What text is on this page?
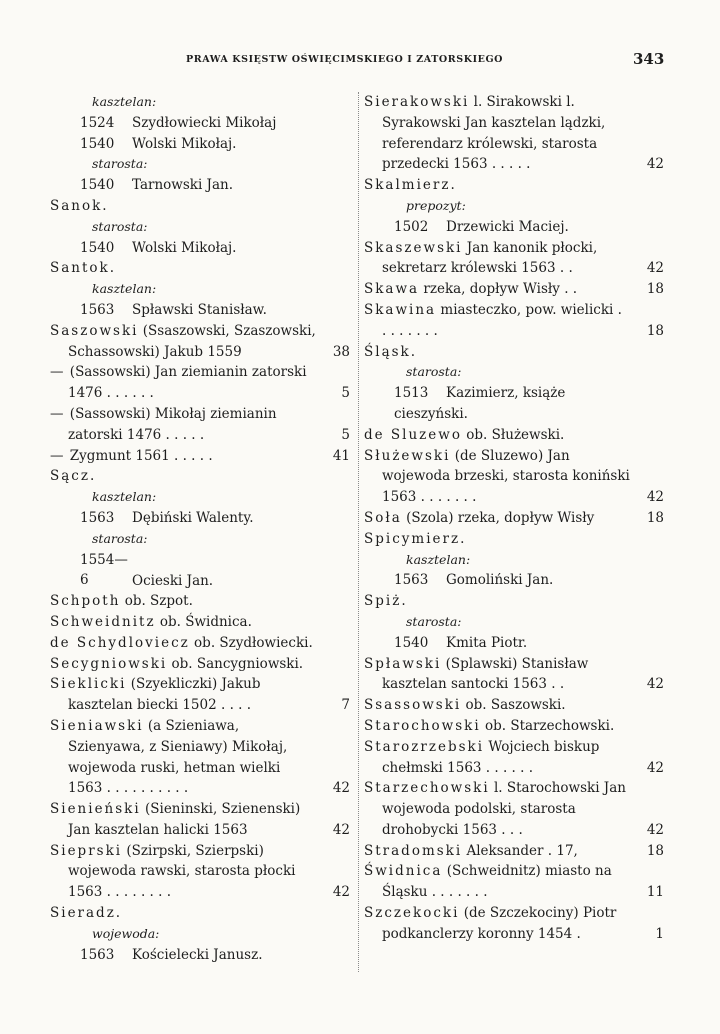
PRAWA KSIĘSTW OŚWIĘCIMSKIEGO I ZATORSKIEGO	343
kasztelan:
1524 Szydłowiecki Mikołaj
1540 Wolski Mikołaj.
starosta:
1540 Tarnowski Jan.
Sanok.
starosta:
1540 Wolski Mikołaj.
Santok.
kasztelan:
1563 Spławski Stanisław.
Saszowski (Ssaszowski, Szaszowski, Schassowski) Jakub 1559	38
— (Sassowski) Jan ziemianin zatorski 1476 . . . . . .	5
— (Sassowski) Mikołaj ziemianin zatorski 1476 . . . . .	5
— Zygmunt 1561 . . . . .	41
Sącz.
kasztelan:
1563 Dębiński Walenty.
starosta:
1554—6	Ocieski Jan.
Schpoth ob. Szpot.
Schweidnitz ob. Świdnica.
de Schydloviecz ob. Szydłowiecki.
Secygniowski ob. Sancygniowski.
Sieklicki (Szyekliczki) Jakub kasztelan biecki 1502 . . . .	7
Sieniawski (a Szieniawa, Szienyawa, z Sieniawy) Mikołaj, wojewoda ruski, hetman wielki 1563 . . . . . . . . . .	42
Sienieński (Sieninski, Szienenski) Jan kasztelan halicki 1563	42
Sieprski (Szirpski, Szierpski) wojewoda rawski, starosta płocki 1563 . . . . . . . .	42
Sieradz.
wojewoda:
1563 Kościelecki Janusz.
Sierakowski l. Sirakowski l. Syrakowski Jan kasztelan lądzki, referendarz królewski, starosta przedecki 1563 . . . . .	42
Skalmierz.
prepozyt:
1502 Drzewicki Maciej.
Skaszewski Jan kanonik płocki, sekretarz królewski 1563 . .	42
Skawa rzeka, dopływ Wisły . .	18
Skawina miasteczko, pow. wielicki . . . . . . . .	18
Śląsk.
starosta:
1513 Kazimierz, książe cieszyński.
de Sluzewo ob. Służewski.
Służewski (de Sluzewo) Jan wojewoda brzeski, starosta koniński 1563 . . . . . . .	42
Soła (Szola) rzeka, dopływ Wisły	18
Spicymierz.
kasztelan:
1563 Gomoliński Jan.
Spiż.
starosta:
1540 Kmita Piotr.
Spławski (Splawski) Stanisław kasztelan santocki 1563 . .	42
Ssassowski ob. Saszowski.
Starochowski ob. Starzechowski.
Starozrzebski Wojciech biskup chełmski 1563 . . . . . .	42
Starzechowski l. Starochowski Jan wojewoda podolski, starosta drohobycki 1563 . . .	42
Stradomski Aleksander . 17,	18
Świdnica (Schweidnitz) miasto na Śląsku . . . . . . .	11
Szczekocki (de Szczekociny) Piotr podkanclerzy koronny 1454 .	1
